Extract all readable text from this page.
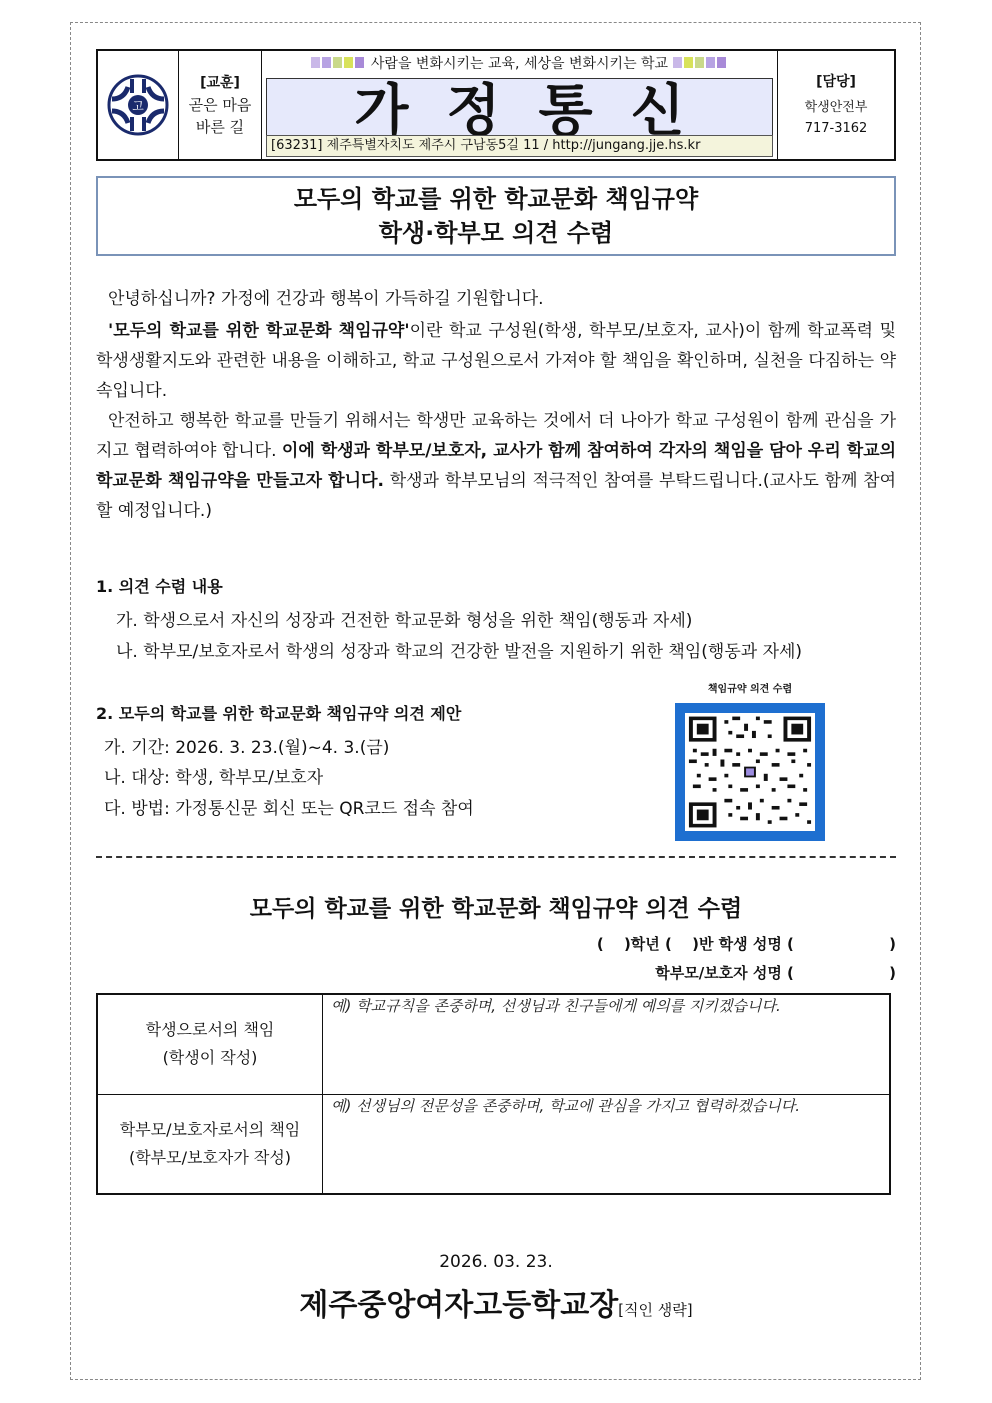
고
[교훈]
곧은 마음
바른 길
사람을 변화시키는 교육, 세상을 변화시키는 학교
가정통신
[63231] 제주특별자치도 제주시 구남동5길 11 / http://jungang.jje.hs.kr
[담당]
학생안전부
717-3162
모두의 학교를 위한 학교문화 책임규약
학생·학부모 의견 수렴

안녕하십니까? 가정에 건강과 행복이 가득하길 기원합니다.

'모두의 학교를 위한 학교문화 책임규약'이란 학교 구성원(학생, 학부모/보호자, 교사)이 함께 학교폭력 및 학생생활지도와 관련한 내용을 이해하고, 학교 구성원으로서 가져야 할 책임을 확인하며, 실천을 다짐하는 약속입니다.

안전하고 행복한 학교를 만들기 위해서는 학생만 교육하는 것에서 더 나아가 학교 구성원이 함께 관심을 가지고 협력하여야 합니다. 이에 학생과 학부모/보호자, 교사가 함께 참여하여 각자의 책임을 담아 우리 학교의 학교문화 책임규약을 만들고자 합니다. 학생과 학부모님의 적극적인 참여를 부탁드립니다.(교사도 함께 참여할 예정입니다.)

1. 의견 수렴 내용
가. 학생으로서 자신의 성장과 건전한 학교문화 형성을 위한 책임(행동과 자세)
나. 학부모/보호자로서 학생의 성장과 학교의 건강한 발전을 지원하기 위한 책임(행동과 자세)
2. 모두의 학교를 위한 학교문화 책임규약 의견 제안
가. 기간: 2026. 3. 23.(월)~4. 3.(금)
나. 대상: 학생, 학부모/보호자
다. 방법: 가정통신문 회신 또는 QR코드 접속 참여
책임규약 의견 수렴
모두의 학교를 위한 학교문화 책임규약 의견 수렴
(　 )학년 (　 )반 학생 성명 (　　　　　　 )
학부모/보호자 성명 (　　　　　　 )
학생으로서의 책임
(학생이 작성)
	예) 학교규칙을 존중하며, 선생님과 친구들에게 예의를 지키겠습니다.

학부모/보호자로서의 책임
(학부모/보호자가 작성)
	예) 선생님의 전문성을 존중하며, 학교에 관심을 가지고 협력하겠습니다.
2026. 03. 23.
제주중앙여자고등학교장[직인 생략]
